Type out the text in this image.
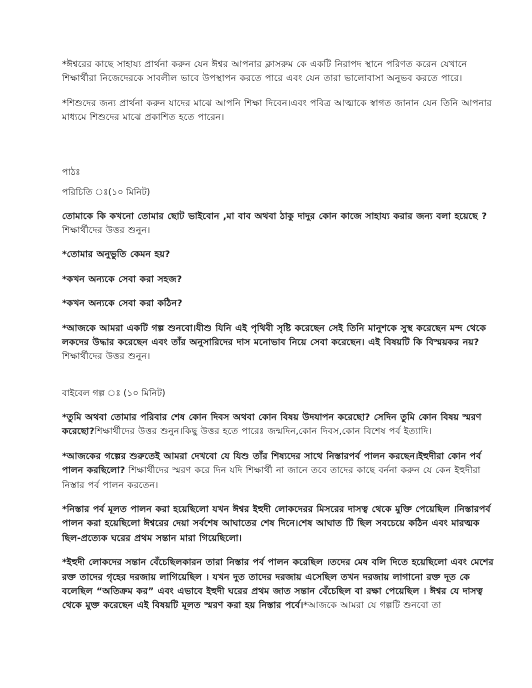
*ঈশ্বরের কাছে সাহায্য প্রার্থনা করুন যেন ঈশ্বর আপনার ক্লাসরুম কে একটি নিরাপদ স্থানে পরিণত করেন যেখানে শিক্ষার্থীরা নিজেদেরকে সাবলীল ভাবে উপস্থাপন করতে পারে এবং যেন তারা ভালোবাসা অনুভব করতে পারে।

*শিশুদের জন্য প্রার্থনা করুন যাদের মাঝে আপনি শিক্ষা দিবেন।এবং পবিত্র আত্মাকে স্বাগত জানান যেন তিনি আপনার মাধ্যমে শিশুদের মাঝে প্রকাশিত হতে পারেন।

পাঠঃ

পরিচিতি ঃ(১০ মিনিট)

তোমাকে কি কখনো তোমার ছোট ভাইবোন ,মা বাব অথবা ঠাকু দাদুর কোন কাজে সাহায্য করার জন্য বলা হয়েছে ? শিক্ষার্থীদের উত্তর শুনুন।

*তোমার অনুভুতি কেমন হয়?

*কখন অন্যকে সেবা করা সহজ?

*কখন অন্যকে সেবা করা কঠিন?

*আজকে আমরা একটি গল্প শুনবো।যীশু যিনি এই পৃথিবী সৃষ্টি করেছেন সেই তিনি মানুশকে সুস্থ করেছেন মন্দ থেকে লকদের উদ্ধার করেছেন এবং তাঁর অনুসারিদের দাস মনোভাব নিয়ে সেবা করেছেন। এই বিষয়টি কি বিস্ময়কর নয়? শিক্ষার্থীদের উত্তর শুনুন।

বাইবেল গল্প ঃ (১০ মিনিট)

*তুমি অথবা তোমার পরিবার শেষ কোন দিবস অথবা কোন বিষয় উদযাপন করেছো? সেদিন তুমি কোন বিষয় স্মরণ করেছো?শিক্ষার্থীদের উত্তর শুনুন।কিছু উত্তর হতে পারেঃ জন্মদিন,কোন দিবস,কোন বিশেষ পর্ব ইত্যাদি।

*আজকের গল্পের শুরুতেই আমরা দেখবো যে যিশু তাঁর শিষ্যদের সাথে নিস্তারপর্ব পালন করছেন।ইহুদীরা কোন পর্ব পালন করছিলো? শিক্ষার্থীদের স্মরণ করে দিন যদি শিক্ষার্থী না জানে তবে তাদের কাছে বর্ননা করুন যে কেন ইহুদীরা নিস্তার পর্ব পালন করতেন।

*নিস্তার পর্ব মূলত পালন করা হয়েছিলো যখন ঈশ্বর ইহুদী লোকদেরর মিসরের দাসত্ব থেকে মুক্তি পেয়েছিল ।নিস্তারপর্ব পালন করা হয়েছিলো ঈশ্বরের দেয়া সর্বশেষ আঘাতের শেষ দিনে।শেষ আঘাত টি ছিল সবচেয়ে কঠিন এবং মারত্মক ছিল-প্রত্যেক ঘরের প্রথম সন্তান মারা গিয়েছিলো।

*ইহুদী লোকদের সন্তান বেঁচেছিলকারন তারা নিস্তার পর্ব পালন করেছিল ।তদের মেষ বলি দিতে হয়েছিলো এবং মেশের রক্ত তাদের গৃহের দরজায় লাগিয়েছিল । যখন দুত তাদের দরজায় এসেছিল তখন দরজায় লাগানো রক্ত দূত কে বলেছিল “অতিক্রম কর” এবং এভাবে ইহুদী ঘরের প্রথম জাত সন্তান বেঁচেছিল বা রক্ষা পেয়েছিল । ঈশ্বর যে দাসত্ব থেকে মুক্ত করেছেন এই বিষয়টি মূলত স্মরণ করা হয় নিস্তার পর্বে।*আজকে আমরা যে গল্পটি শুনবো তা
